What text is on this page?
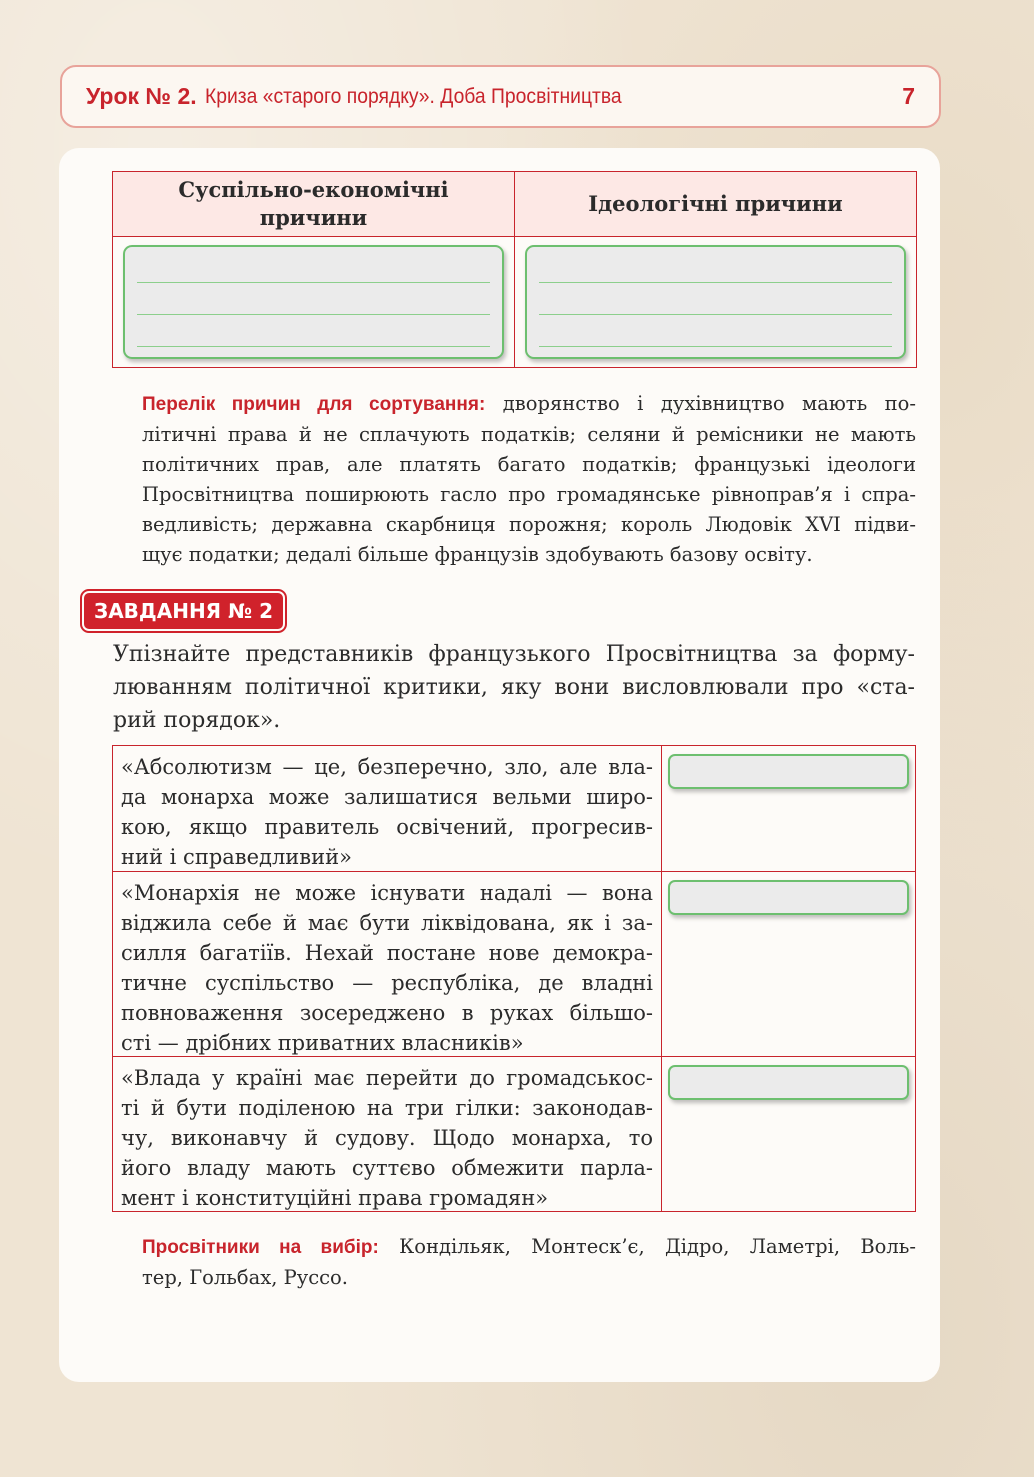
Урок № 2. Криза «старого порядку». Доба Просвітництва	7
Суспільно-економічні
причини
Ідеологічні причини
Перелік причин для сортування: дворянство і духівництво мають по-
літичні права й не сплачують податків; селяни й ремісники не мають
політичних прав, але платять багато податків; французькі ідеологи
Просвітництва поширюють гасло про громадянське рівноправ’я і спра-
ведливість; державна скарбниця порожня; король Людовік XVI підви-
щує податки; дедалі більше французів здобувають базову освіту.
ЗАВДАННЯ № 2
Упізнайте представників французького Просвітництва за форму-
люванням політичної критики, яку вони висловлювали про «ста-
рий порядок».
«Абсолютизм — це, безперечно, зло, але вла-
да монарха може залишатися вельми широ-
кою, якщо правитель освічений, прогресив-
ний і справедливий»
«Монархія не може існувати надалі — вона
віджила себе й має бути ліквідована, як і за-
силля багатіїв. Нехай постане нове демокра-
тичне суспільство — республіка, де владні
повноваження зосереджено в руках більшо-
сті — дрібних приватних власників»
«Влада у країні має перейти до громадськос-
ті й бути поділеною на три гілки: законодав-
чу, виконавчу й судову. Щодо монарха, то
його владу мають суттєво обмежити парла-
мент і конституційні права громадян»
Просвітники на вибір: Кондільяк, Монтеск’є, Дідро, Ламетрі, Воль-
тер, Гольбах, Руссо.
